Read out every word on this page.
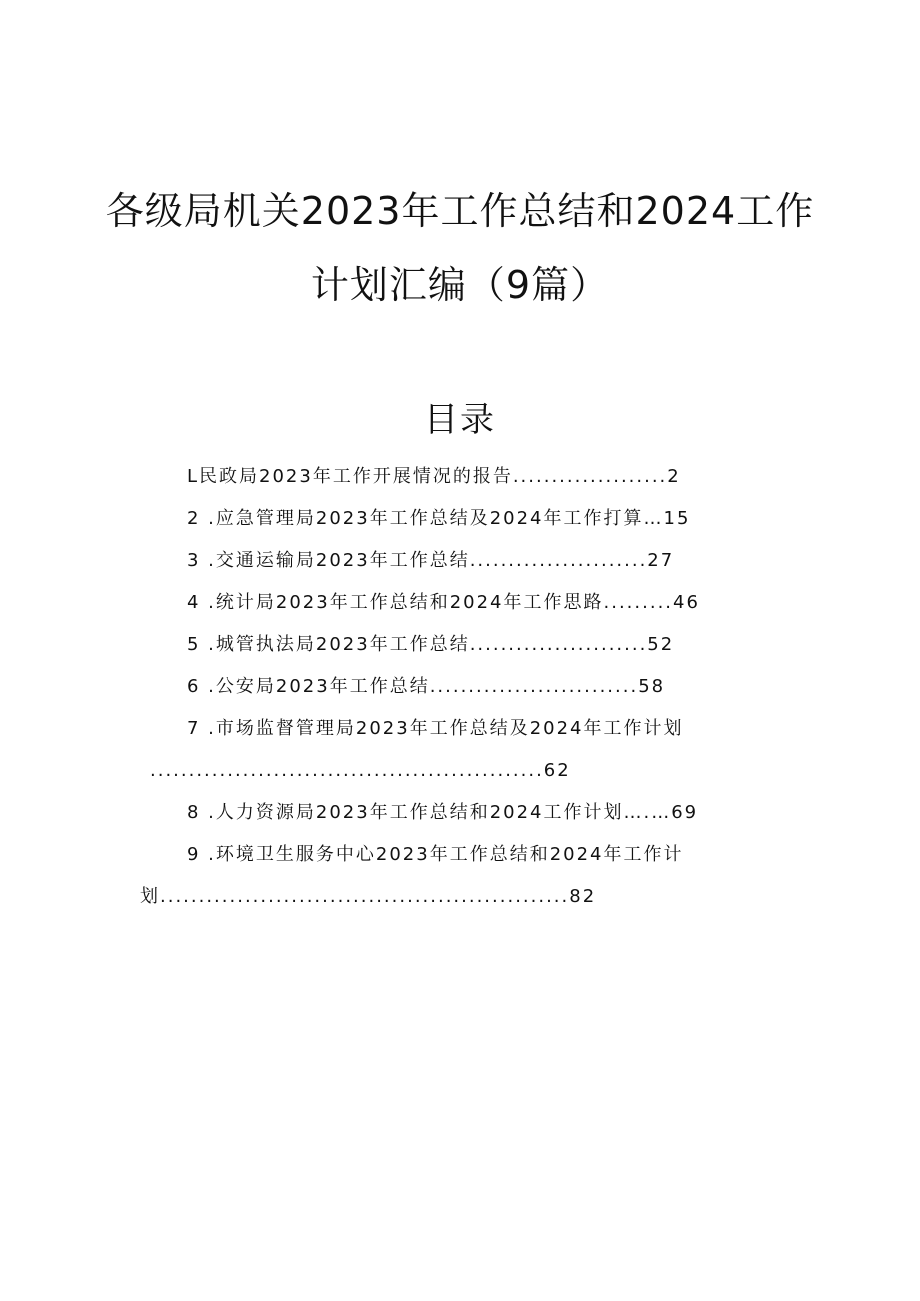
各级局机关2023年工作总结和2024工作
计划汇编（9篇）
目录
L民政局2023年工作开展情况的报告....................2
2 .应急管理局2023年工作总结及2024年工作打算…15
3 .交通运输局2023年工作总结.......................27
4 .统计局2023年工作总结和2024年工作思路.........46
5 .城管执法局2023年工作总结.......................52
6 .公安局2023年工作总结...........................58
7 .市场监督管理局2023年工作总结及2024年工作计划
...................................................62
8 .人力资源局2023年工作总结和2024工作计划….…69
9 .环境卫生服务中心2023年工作总结和2024年工作计
划.....................................................82
